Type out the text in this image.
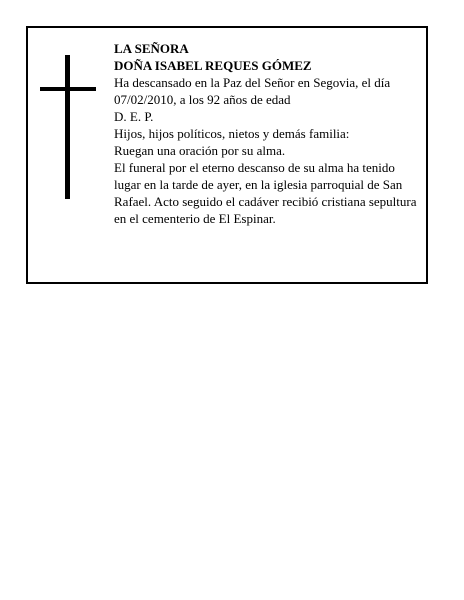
LA SEÑORA

DOÑA ISABEL REQUES GÓMEZ

Ha descansado en la Paz del Señor en Segovia, el día 07/02/2010, a los 92 años de edad

D. E. P.

Hijos, hijos políticos, nietos y demás familia:

Ruegan una oración por su alma.

El funeral por el eterno descanso de su alma ha tenido lugar en la tarde de ayer, en la iglesia parroquial de San Rafael. Acto seguido el cadáver recibió cristiana sepultura en el cementerio de El Espinar.
